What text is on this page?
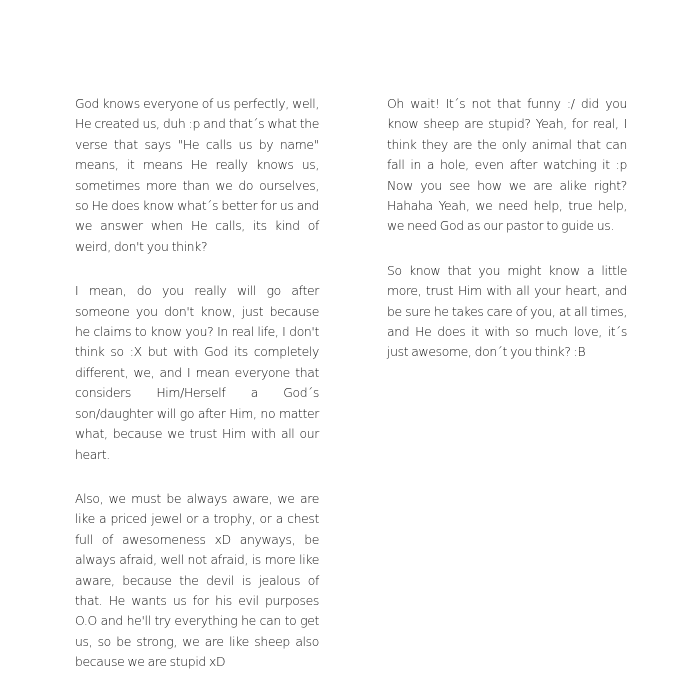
God knows everyone of us perfectly, well, He created us, duh :p and that´s what the verse that says "He calls us by name" means, it means He really knows us, sometimes more than we do ourselves, so He does know what´s better for us and we answer when He calls, its kind of weird, don't you think?

I mean, do you really will go after someone you don't know, just because he claims to know you? In real life, I don't think so :X but with God its completely different, we, and I mean everyone that considers Him/Herself a God´s son/daughter will go after Him, no matter what, because we trust Him with all our heart.

Also, we must be always aware, we are like a priced jewel or a trophy, or a chest full of awesomeness xD anyways, be always afraid, well not afraid, is more like aware, because the devil is jealous of that. He wants us for his evil purposes O.O and he'll try everything he can to get us, so be strong, we are like sheep also because we are stupid xD

Oh wait! It´s not that funny :/ did you know sheep are stupid? Yeah, for real, I think they are the only animal that can fall in a hole, even after watching it :p Now you see how we are alike right? Hahaha Yeah, we need help, true help, we need God as our pastor to guide us.

So know that you might know a little more, trust Him with all your heart, and be sure he takes care of you, at all times, and He does it with so much love, it´s just awesome, don´t you think? :B
